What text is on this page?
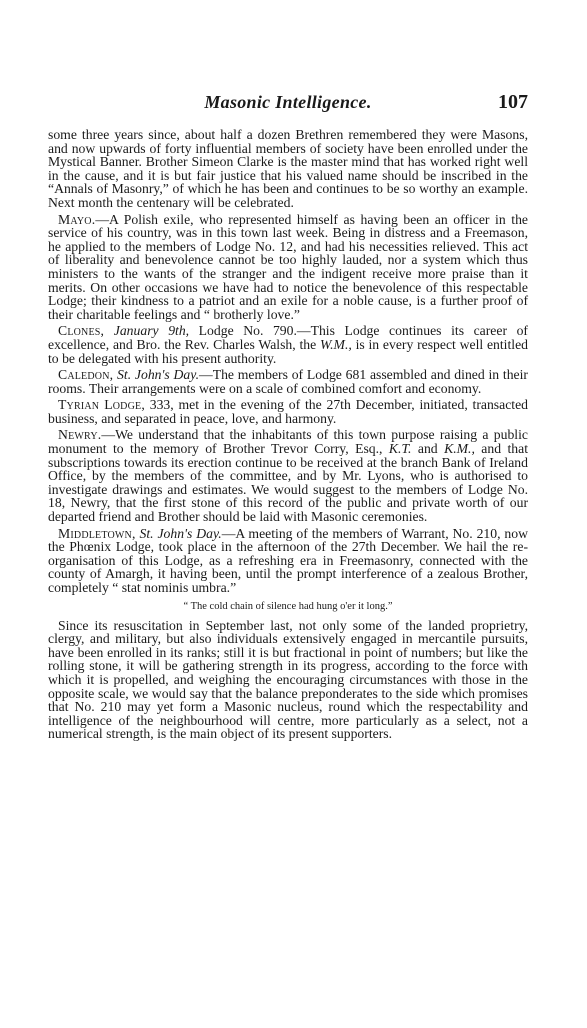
Masonic Intelligence.	107

some three years since, about half a dozen Brethren remembered they were Masons, and now upwards of forty influential members of society have been enrolled under the Mystical Banner. Brother Simeon Clarke is the master mind that has worked right well in the cause, and it is but fair justice that his valued name should be inscribed in the “Annals of Masonry,” of which he has been and continues to be so worthy an example. Next month the centenary will be celebrated.

Mayo.—A Polish exile, who represented himself as having been an officer in the service of his country, was in this town last week. Being in distress and a Freemason, he applied to the members of Lodge No. 12, and had his necessities relieved. This act of liberality and benevolence cannot be too highly lauded, nor a system which thus ministers to the wants of the stranger and the indigent receive more praise than it merits. On other occasions we have had to notice the benevolence of this respectable Lodge; their kindness to a patriot and an exile for a noble cause, is a further proof of their charitable feelings and “ brotherly love.”

Clones, January 9th, Lodge No. 790.—This Lodge continues its career of excellence, and Bro. the Rev. Charles Walsh, the W.M., is in every respect well entitled to be delegated with his present authority.

Caledon, St. John's Day.—The members of Lodge 681 assembled and dined in their rooms. Their arrangements were on a scale of combined comfort and economy.

Tyrian Lodge, 333, met in the evening of the 27th December, initiated, transacted business, and separated in peace, love, and harmony.

Newry.—We understand that the inhabitants of this town purpose raising a public monument to the memory of Brother Trevor Corry, Esq., K.T. and K.M., and that subscriptions towards its erection continue to be received at the branch Bank of Ireland Office, by the members of the committee, and by Mr. Lyons, who is authorised to investigate drawings and estimates. We would suggest to the members of Lodge No. 18, Newry, that the first stone of this record of the public and private worth of our departed friend and Brother should be laid with Masonic ceremonies.

Middletown, St. John's Day.—A meeting of the members of Warrant, No. 210, now the Phœnix Lodge, took place in the afternoon of the 27th December. We hail the re-organisation of this Lodge, as a refreshing era in Freemasonry, connected with the county of Amargh, it having been, until the prompt interference of a zealous Brother, completely “ stat nominis umbra.”

“ The cold chain of silence had hung o'er it long.”

Since its resuscitation in September last, not only some of the landed proprietry, clergy, and military, but also individuals extensively engaged in mercantile pursuits, have been enrolled in its ranks; still it is but fractional in point of numbers; but like the rolling stone, it will be gathering strength in its progress, according to the force with which it is propelled, and weighing the encouraging circumstances with those in the opposite scale, we would say that the balance preponderates to the side which promises that No. 210 may yet form a Masonic nucleus, round which the respectability and intelligence of the neighbourhood will centre, more particularly as a select, not a numerical strength, is the main object of its present supporters.
